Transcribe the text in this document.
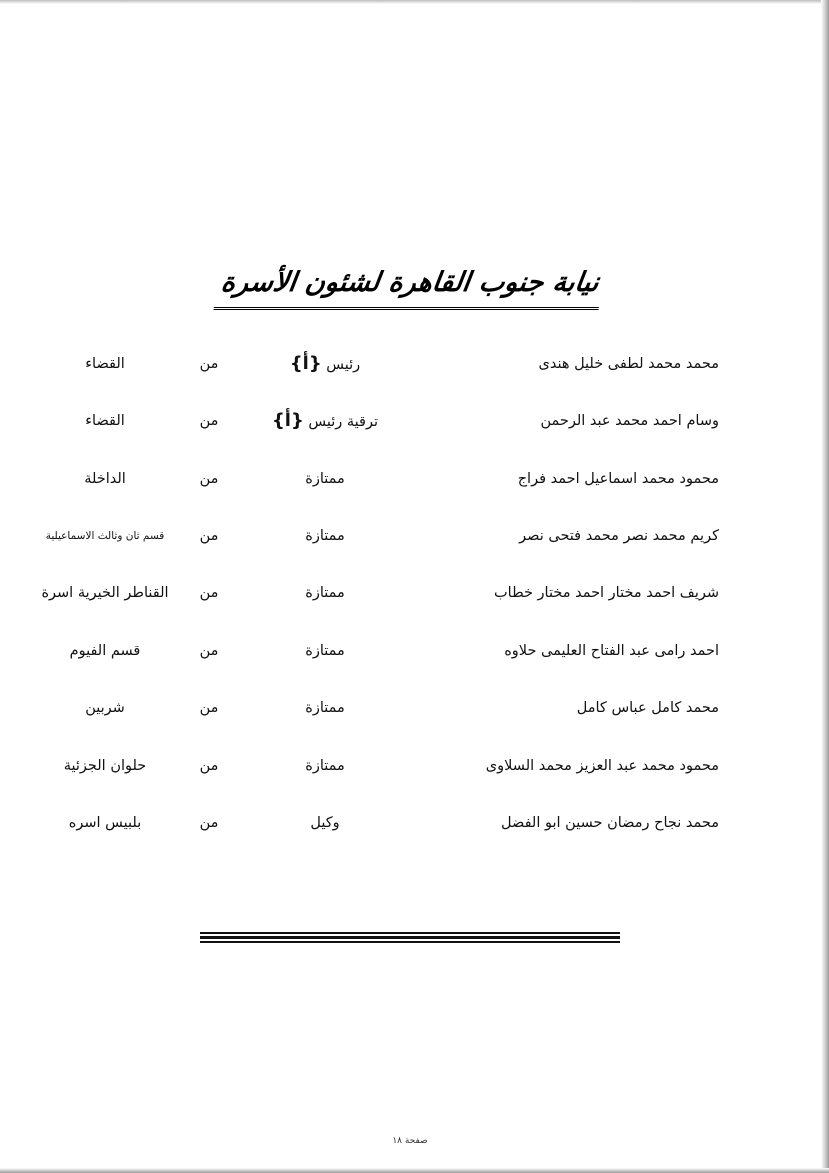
نيابة جنوب القاهرة لشئون الأسرة
محمد محمد لطفى خليل هندى
رئيس {أ}
من
القضاء
وسام احمد محمد عبد الرحمن
ترقية رئيس {أ}
من
القضاء
محمود محمد اسماعيل احمد فراج
ممتازة
من
الداخلة
كريم محمد نصر محمد فتحى نصر
ممتازة
من
قسم ثان وثالث الاسماعيلية
شريف احمد مختار احمد مختار خطاب
ممتازة
من
القناطر الخيرية اسرة
احمد رامى عبد الفتاح العليمى حلاوه
ممتازة
من
قسم الفيوم
محمد كامل عباس كامل
ممتازة
من
شربين
محمود محمد عبد العزيز محمد السلاوى
ممتازة
من
حلوان الجزئية
محمد نجاح رمضان حسين ابو الفضل
وكيل
من
بلبيس اسره
صفحة ١٨
